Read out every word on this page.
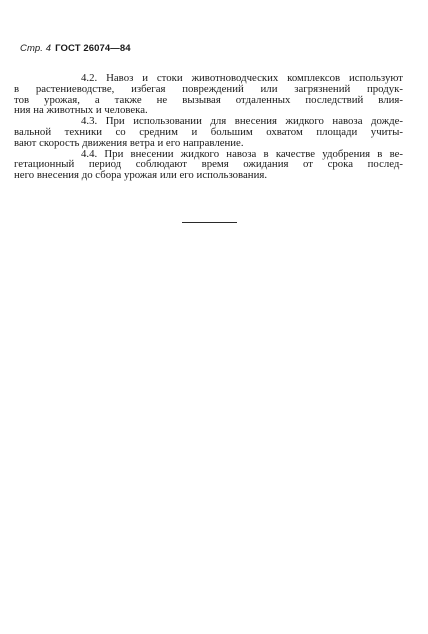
Стр. 4 ГОСТ 26074—84

4.2. Навоз и стоки животноводческих комплексов используют

в растениеводстве, избегая повреждений или загрязнений продук-

тов урожая, а также не вызывая отдаленных последствий влия-

ния на животных и человека.

4.3. При использовании для внесения жидкого навоза дожде-

вальной техники со средним и большим охватом площади учиты-

вают скорость движения ветра и его направление.

4.4. При внесении жидкого навоза в качестве удобрения в ве-

гетационный период соблюдают время ожидания от срока послед-

него внесения до сбора урожая или его использования.
